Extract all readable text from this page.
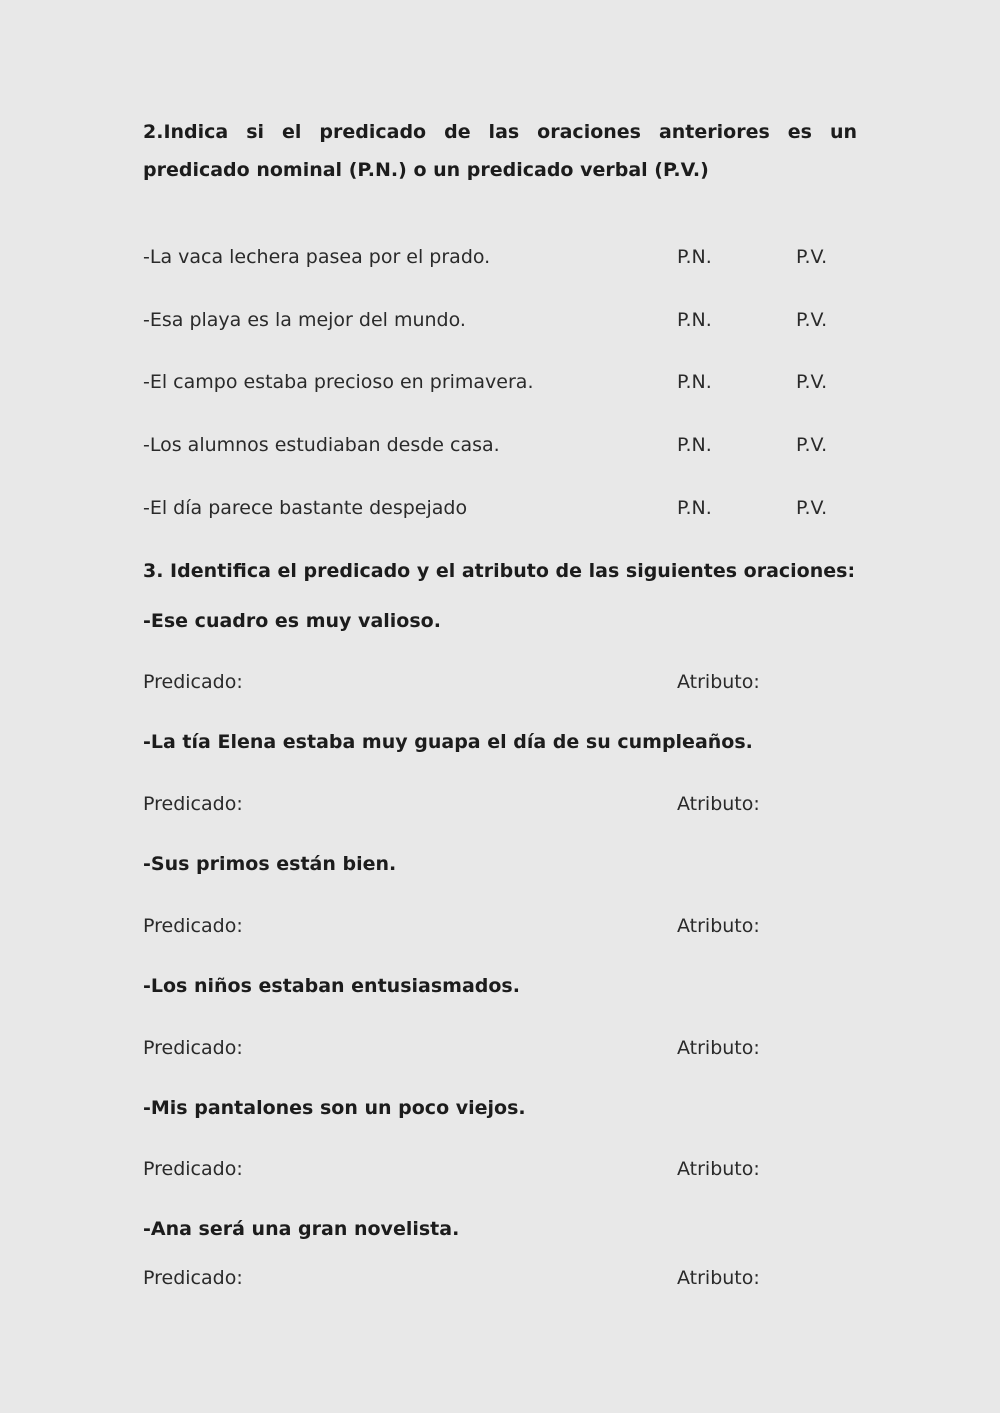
2.Indica si el predicado de las oraciones anteriores es un predicado nominal (P.N.) o un predicado verbal (P.V.)
-La vaca lechera pasea por el prado.	P.N.	P.V.
-Esa playa es la mejor del mundo.	P.N.	P.V.
-El campo estaba precioso en primavera.	P.N.	P.V.
-Los alumnos estudiaban desde casa.	P.N.	P.V.
-El día parece bastante despejado	P.N.	P.V.
3. Identifica el predicado y el atributo de las siguientes oraciones:
-Ese cuadro es muy valioso.
Predicado:	Atributo:
-La tía Elena estaba muy guapa el día de su cumpleaños.
Predicado:	Atributo:
-Sus primos están bien.
Predicado:	Atributo:
-Los niños estaban entusiasmados.
Predicado:	Atributo:
-Mis pantalones son un poco viejos.
Predicado:	Atributo:
-Ana será una gran novelista.
Predicado:	Atributo:
